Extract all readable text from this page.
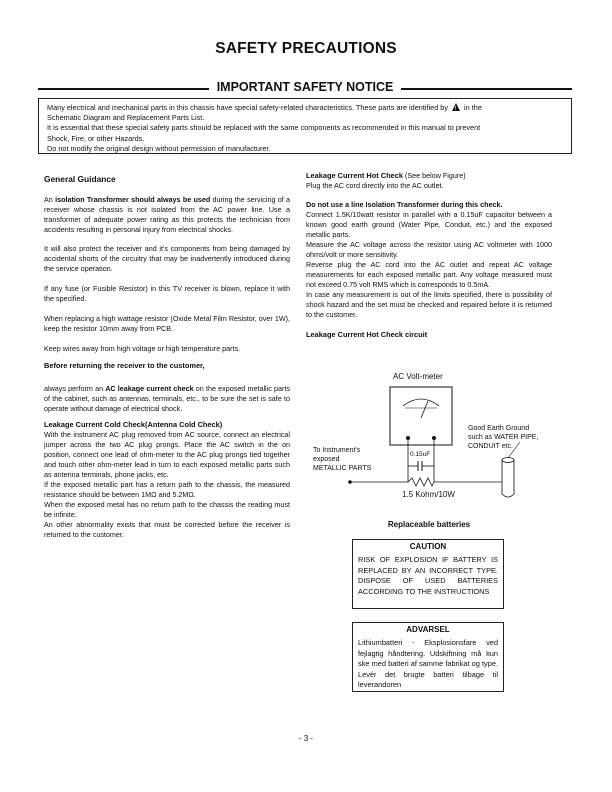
SAFETY PRECAUTIONS
IMPORTANT SAFETY NOTICE

Many electrical and mechanical parts in this chassis have special safety-related characteristics. These parts are identified by ! in the

Schematic Diagram and Replacement Parts List.

It is essential that these special safety parts should be replaced with the same components as recommended in this manual to prevent

Shock, Fire, or other Hazards.

Do not modify the original design without permission of manufacturer.

General Guidance

An isolation Transformer should always be used during the servicing of a receiver whose chassis is not isolated from the AC power line. Use a transformer of adequate power rating as this protects the technician from accidents resulting in personal injury from electrical shocks.

It will also protect the receiver and it's components from being damaged by accidental shorts of the circuitry that may be inadvertently introduced during the service operation.

If any fuse (or Fusible Resistor) in this TV receiver is blown, replace it with the specified.

When replacing a high wattage resistor (Oxide Metal Film Resistor, over 1W), keep the resistor 10mm away from PCB.

Keep wires away from high voltage or high temperature parts.

Before returning the receiver to the customer,

always perform an AC leakage current check on the exposed metallic parts of the cabinet, such as antennas, terminals, etc., to be sure the set is safe to operate without damage of electrical shock.

Leakage Current Cold Check(Antenna Cold Check)

With the instrument AC plug removed from AC source, connect an electrical jumper across the two AC plug prongs. Place the AC switch in the on position, connect one lead of ohm-meter to the AC plug prongs tied together and touch other ohm-meter lead in turn to each exposed metallic parts such as antenna terminals, phone jacks, etc.

If the exposed metallic part has a return path to the chassis, the measured resistance should be between 1MΩ and 5.2MΩ.

When the exposed metal has no return path to the chassis the reading must be infinite.

An other abnormality exists that must be corrected before the receiver is returned to the customer.

Leakage Current Hot Check (See below Figure)

Plug the AC cord directly into the AC outlet.

Do not use a line Isolation Transformer during this check.

Connect 1.5K/10watt resistor in parallel with a 0.15uF capacitor between a known good earth ground (Water Pipe, Conduit, etc.) and the exposed metallic parts.

Measure the AC voltage across the resistor using AC voltmeter with 1000 ohms/volt or more sensitivity.

Reverse plug the AC cord into the AC outlet and repeat AC voltage measurements for each exposed metallic part. Any voltage measured must not exceed 0.75 volt RMS which is corresponds to 0.5mA.

In case any measurement is out of the limits specified, there is possibility of shock hazard and the set must be checked and repaired before it is returned to the customer.

Leakage Current Hot Check circuit

AC Volt-meter
To Instrument's
exposed
METALLIC PARTS
0.15uF
1.5 Kohm/10W
Good Earth Ground
such as WATER PIPE,
CONDUIT etc.
Replaceable batteries
CAUTION
RISK OF EXPLOSION IF BATTERY IS REPLACED BY AN INCORRECT TYPE. DISPOSE OF USED BATTERIES ACCORDING TO THE INSTRUCTIONS
ADVARSEL
Lithiumbatteri - Eksplosionsfare ved fejlagtig håndtering. Udskiftning må kun ske med batteri af samme fabrikat og type. Levér det brugte batteri tilbage til leverandoren
- 3 -
